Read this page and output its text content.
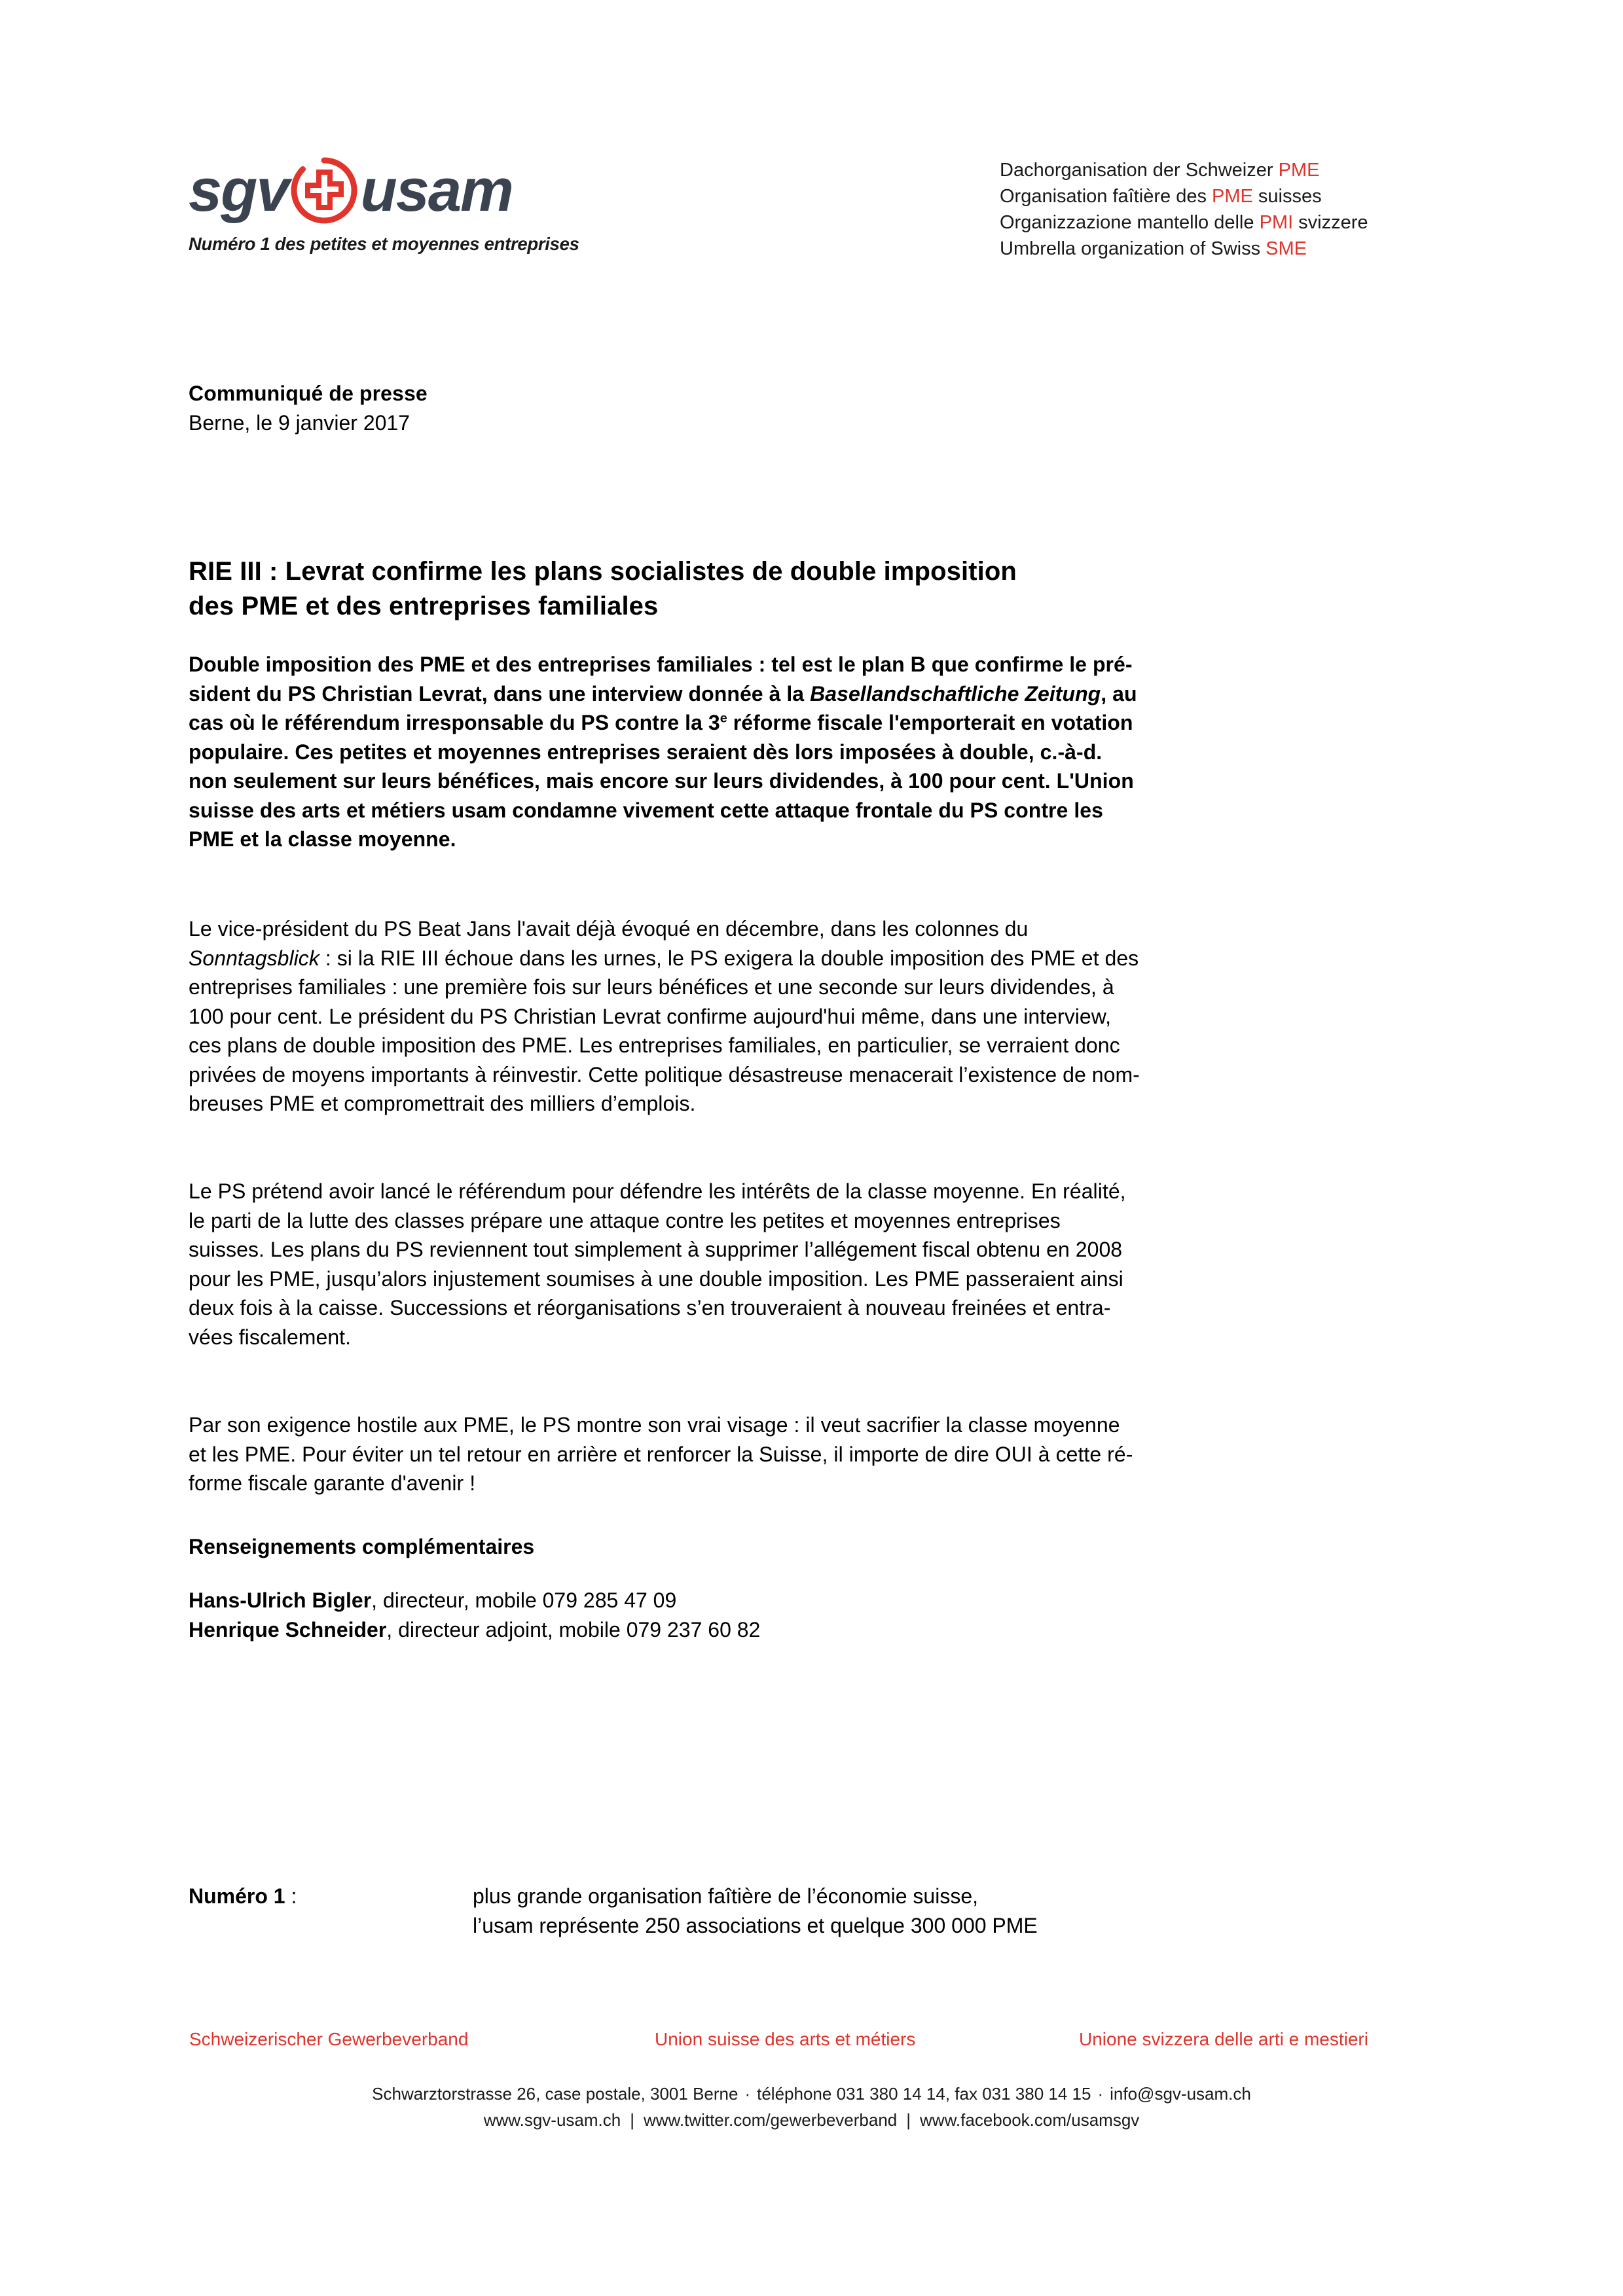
sgv usam
Numéro 1 des petites et moyennes entreprises
Dachorganisation der Schweizer PME
Organisation faîtière des PME suisses
Organizzazione mantello delle PMI svizzere
Umbrella organization of Swiss SME
Communiqué de presse
Berne, le 9 janvier 2017
RIE III : Levrat confirme les plans socialistes de double imposition
des PME et des entreprises familiales
Double imposition des PME et des entreprises familiales : tel est le plan B que confirme le pré-
sident du PS Christian Levrat, dans une interview donnée à la Basellandschaftliche Zeitung, au
cas où le référendum irresponsable du PS contre la 3e réforme fiscale l'emporterait en votation
populaire. Ces petites et moyennes entreprises seraient dès lors imposées à double, c.-à-d.
non seulement sur leurs bénéfices, mais encore sur leurs dividendes, à 100 pour cent. L'Union
suisse des arts et métiers usam condamne vivement cette attaque frontale du PS contre les
PME et la classe moyenne.
Le vice-président du PS Beat Jans l'avait déjà évoqué en décembre, dans les colonnes du
Sonntagsblick : si la RIE III échoue dans les urnes, le PS exigera la double imposition des PME et des
entreprises familiales : une première fois sur leurs bénéfices et une seconde sur leurs dividendes, à
100 pour cent. Le président du PS Christian Levrat confirme aujourd'hui même, dans une interview,
ces plans de double imposition des PME. Les entreprises familiales, en particulier, se verraient donc
privées de moyens importants à réinvestir. Cette politique désastreuse menacerait l’existence de nom-
breuses PME et compromettrait des milliers d’emplois.
Le PS prétend avoir lancé le référendum pour défendre les intérêts de la classe moyenne. En réalité,
le parti de la lutte des classes prépare une attaque contre les petites et moyennes entreprises
suisses. Les plans du PS reviennent tout simplement à supprimer l’allégement fiscal obtenu en 2008
pour les PME, jusqu’alors injustement soumises à une double imposition. Les PME passeraient ainsi
deux fois à la caisse. Successions et réorganisations s’en trouveraient à nouveau freinées et entra-
vées fiscalement.
Par son exigence hostile aux PME, le PS montre son vrai visage : il veut sacrifier la classe moyenne
et les PME. Pour éviter un tel retour en arrière et renforcer la Suisse, il importe de dire OUI à cette ré-
forme fiscale garante d'avenir !
Renseignements complémentaires
Hans-Ulrich Bigler, directeur, mobile 079 285 47 09
Henrique Schneider, directeur adjoint, mobile 079 237 60 82
Numéro 1 :	plus grande organisation faîtière de l’économie suisse,
l’usam représente 250 associations et quelque 300 000 PME
Schweizerischer Gewerbeverband	Union suisse des arts et métiers	Unione svizzera delle arti e mestieri
Schwarztorstrasse 26, case postale, 3001 Berne · téléphone 031 380 14 14, fax 031 380 14 15 · info@sgv-usam.ch
www.sgv-usam.ch | www.twitter.com/gewerbeverband | www.facebook.com/usamsgv
